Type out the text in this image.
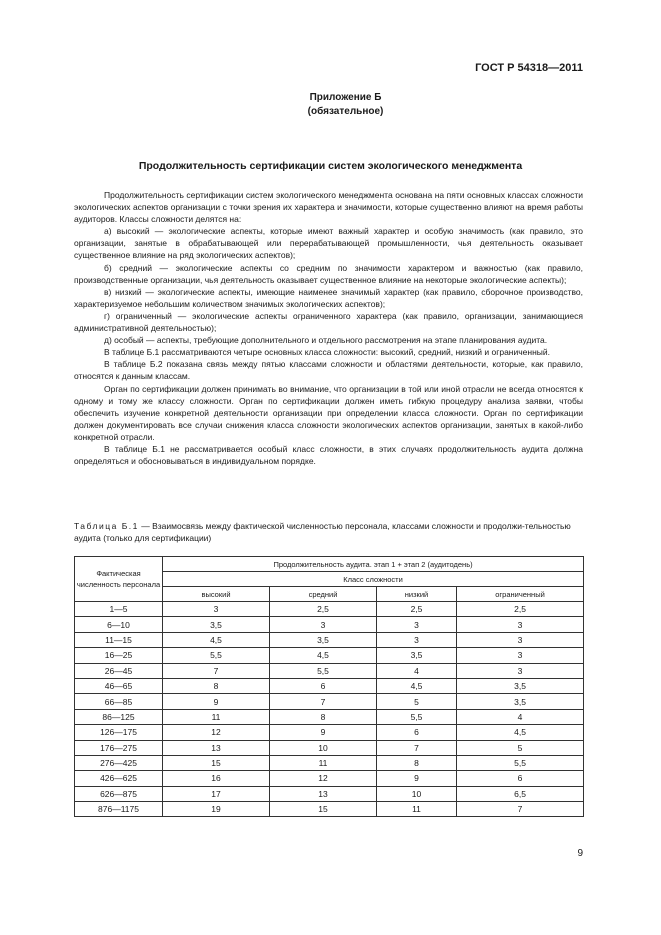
ГОСТ Р 54318—2011
Приложение Б
(обязательное)
Продолжительность сертификации систем экологического менеджмента

Продолжительность сертификации систем экологического менеджмента основана на пяти основных классах сложности экологических аспектов организации с точки зрения их характера и значимости, которые существенно влияют на время работы аудиторов. Классы сложности делятся на:

а) высокий — экологические аспекты, которые имеют важный характер и особую значимость (как правило, это организации, занятые в обрабатывающей или перерабатывающей промышленности, чья деятельность оказывает существенное влияние на ряд экологических аспектов);

б) средний — экологические аспекты со средним по значимости характером и важностью (как правило, производственные организации, чья деятельность оказывает существенное влияние на некоторые экологические аспекты);

в) низкий — экологические аспекты, имеющие наименее значимый характер (как правило, сборочное производство, характеризуемое небольшим количеством значимых экологических аспектов);

г) ограниченный — экологические аспекты ограниченного характера (как правило, организации, занимающиеся административной деятельностью);

д) особый — аспекты, требующие дополнительного и отдельного рассмотрения на этапе планирования аудита.

В таблице Б.1 рассматриваются четыре основных класса сложности: высокий, средний, низкий и ограниченный.

В таблице Б.2 показана связь между пятью классами сложности и областями деятельности, которые, как правило, относятся к данным классам.

Орган по сертификации должен принимать во внимание, что организации в той или иной отрасли не всегда относятся к одному и тому же классу сложности. Орган по сертификации должен иметь гибкую процедуру анализа заявки, чтобы обеспечить изучение конкретной деятельности организации при определении класса сложности. Орган по сертификации должен документировать все случаи снижения класса сложности экологических аспектов организации, занятых в какой-либо конкретной отрасли.

В таблице Б.1 не рассматривается особый класс сложности, в этих случаях продолжительность аудита должна определяться и обосновываться в индивидуальном порядке.

Таблица Б.1 — Взаимосвязь между фактической численностью персонала, классами сложности и продолжи-тельностью аудита (только для сертификации)
Фактическая численность персонала	Продолжительность аудита. этап 1 + этап 2 (аудитодень)			
	Класс сложности			
	высокий	средний	низкий	ограниченный
1—5	3	2,5	2,5	2,5
6—10	3,5	3	3	3
11—15	4,5	3,5	3	3
16—25	5,5	4,5	3,5	3
26—45	7	5,5	4	3
46—65	8	6	4,5	3,5
66—85	9	7	5	3,5
86—125	11	8	5,5	4
126—175	12	9	6	4,5
176—275	13	10	7	5
276—425	15	11	8	5,5
426—625	16	12	9	6
626—875	17	13	10	6,5
876—1175	19	15	11	7
9
